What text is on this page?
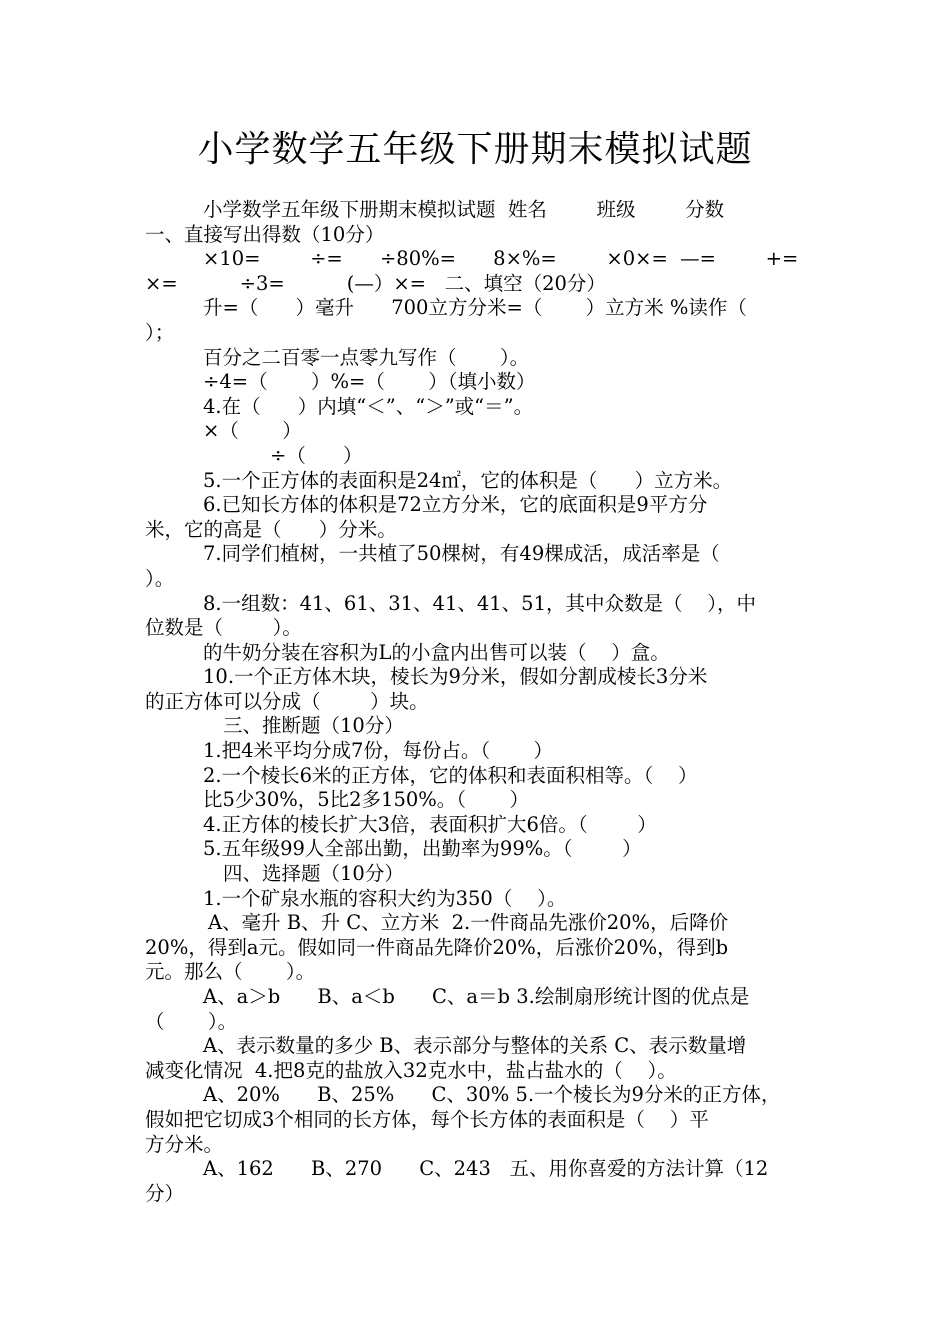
小学数学五年级下册期末模拟试题
小学数学五年级下册期末模拟试题  姓名        班级        分数
一、直接写出得数（10分）
×10=        ÷=      ÷80%=      8×%=        ×0×=  —=        +=
×=          ÷3=          (—）×=   二、填空（20分）
升=（      ）毫升      700立方分米=（       ）立方米 %读作（
）；
百分之二百零一点零九写作（       ）。
÷4=（       ）%=（       ）（填小数）
4.在（      ）内填“＜”、“＞”或“＝”。
×（       ）
÷（      ）
5.一个正方体的表面积是24㎡，它的体积是（      ）立方米。
6.已知长方体的体积是72立方分米，它的底面积是9平方分
米，它的高是（      ）分米。
7.同学们植树，一共植了50棵树，有49棵成活，成活率是（
）。
8.一组数：41、61、31、41、41、51，其中众数是（    ），中
位数是（        ）。
的牛奶分装在容积为L的小盒内出售可以装（    ）盒。
10.一个正方体木块，棱长为9分米，假如分割成棱长3分米
的正方体可以分成（        ）块。
三、推断题（10分）
1.把4米平均分成7份，每份占。（       ）
2.一个棱长6米的正方体，它的体积和表面积相等。（    ）
比5少30%，5比2多150%。（       ）
4.正方体的棱长扩大3倍，表面积扩大6倍。（        ）
5.五年级99人全部出勤，出勤率为99%。（        ）
四、选择题（10分）
1.一个矿泉水瓶的容积大约为350（    ）。
A、毫升 B、升 C、立方米  2.一件商品先涨价20%，后降价
20%，得到a元。假如同一件商品先降价20%，后涨价20%，得到b
元。那么（       ）。
A、a＞b      B、a＜b      C、a＝b 3.绘制扇形统计图的优点是
（       ）。
A、表示数量的多少 B、表示部分与整体的关系 C、表示数量增
减变化情况  4.把8克的盐放入32克水中，盐占盐水的（    ）。
A、20%      B、25%      C、30% 5.一个棱长为9分米的正方体，
假如把它切成3个相同的长方体，每个长方体的表面积是（    ）平
方分米。
A、162      B、270      C、243   五、用你喜爱的方法计算（12
分）
